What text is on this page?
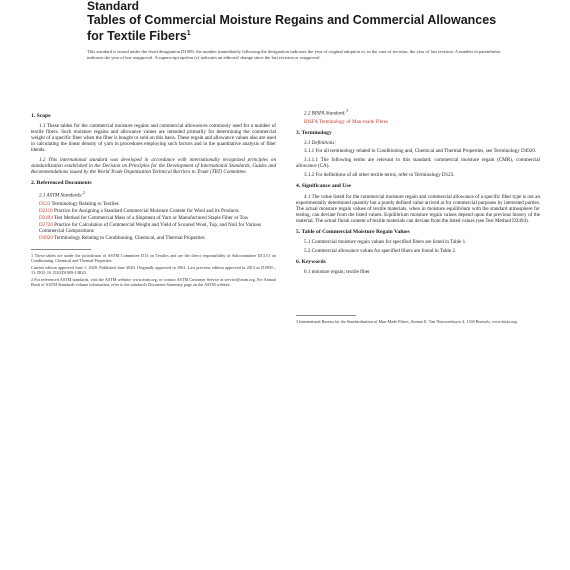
Standard
Tables of Commercial Moisture Regains and Commercial Allowances for Textile Fibers$^1$
This standard is issued under the fixed designation D1909; the number immediately following the designation indicates the year of original adoption or, in the case of revision, the year of last revision. A number in parentheses indicates the year of last reapproval. A superscript epsilon (ε) indicates an editorial change since the last revision or reapproval.
1. Scope

1.1 These tables for the commercial moisture regains and commercial allowances commonly used for a number of textile fibers. Such moisture regains and allowance values are intended primarily for determining the commercial weight of a specific fiber when the fiber is bought or sold on this basis. These regain and allowance values also are used in calculating the linear density of yarn in procedures employing such factors and in the quantitative analysis of fiber blends.

1.2 This international standard was developed in accordance with internationally recognized principles on standardization established in the Decision on Principles for the Development of International Standards, Guides and Recommendations issued by the World Trade Organization Technical Barriers to Trade (TBT) Committee.

2. Referenced Documents
2.1 ASTM Standards:$^2$
D123 Terminology Relating to Textiles
D2118 Practice for Assigning a Standard Commercial Moisture Content for Wool and its Products
D2494 Test Method for Commercial Mass of a Shipment of Yarn or Manufactured Staple Fiber or Tow
D2720 Practice for Calculation of Commercial Weight and Yield of Scoured Wool, Top, and Noil for Various Commercial Compositions
D4920 Terminology Relating to Conditioning, Chemical, and Thermal Properties

1 These tables are under the jurisdiction of ASTM Committee D13 on Textiles and are the direct responsibility of Subcommittee D13.51 on Conditioning, Chemical and Thermal Properties.

Current edition approved June 1, 2020. Published June 2020. Originally approved in 1961. Last previous edition approved in 2013 as D1909 – 13. DOI: 10.1520/D1909-13R20.

2 For referenced ASTM standards, visit the ASTM website, www.astm.org, or contact ASTM Customer Service at service@astm.org. For Annual Book of ASTM Standards volume information, refer to the standard's Document Summary page on the ASTM website.

2.2 BISFA Standard:$^3$
BISFA Terminology of Man-made Fibres
3. Terminology
3.1 Definitions:

3.1.1 For all terminology related to Conditioning and, Chemical and Thermal Properties, see Terminology D4920.

3.1.1.1 The following terms are relevant to this standard: commercial moisture regain (CMR), commercial allowance (CA).

3.1.2 For definitions of all other textile terms, refer to Terminology D123.

4. Significance and Use

4.1 The value listed for the commercial moisture regain and commercial allowance of a specific fiber type is not an experimentally determined quantity but a purely defined value arrived at for commercial purposes by interested parties. The actual moisture regain values of textile materials, when in moisture equilibrium with the standard atmosphere for testing, can deviate from the listed values. Equilibrium moisture regain values depend upon the previous history of the material. The actual finish content of textile materials can deviate from the listed values (see Test Method D2494).

5. Table of Commercial Moisture Regain Values

5.1 Commercial moisture regain values for specified fibers are listed in Table 1.

5.2 Commercial allowance values for specified fibers are found in Table 2.

6. Keywords

6.1 moisture regain; textile fiber

3 International Bureau for the Standardisation of Man-Made Fibres, Avenue E. Van Nieuwenhuyse 4, 1160 Brussels, www.bisfa.org.
